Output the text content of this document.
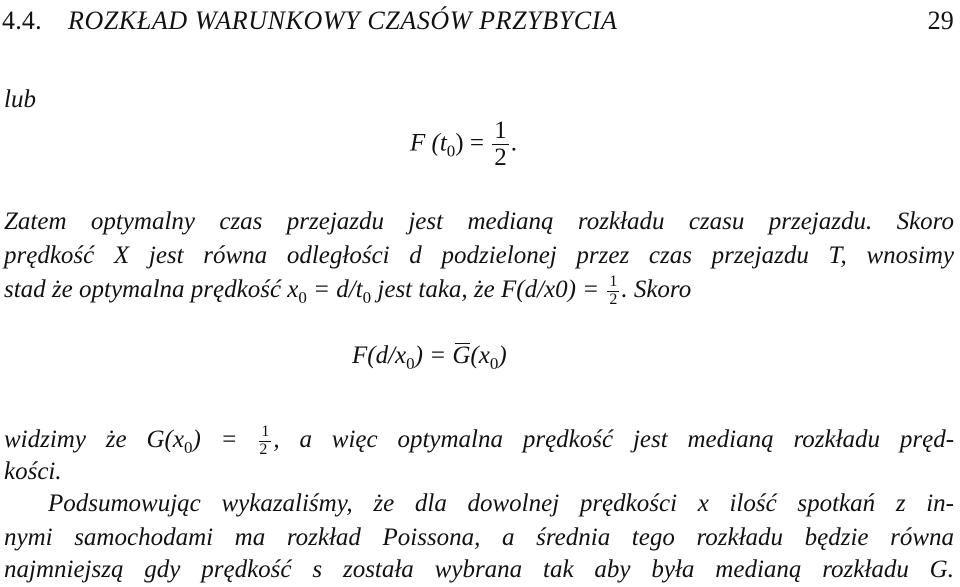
4.4. ROZKŁAD WARUNKOWY CZASÓW PRZYBYCIA	29
lub
F $(t_0) = \frac{1}{2}$ .
Zatem optymalny czas przejazdu jest medianą rozkładu czasu przejazdu. Skoro
prędkość X jest równa odległości d podzielonej przez czas przejazdu T, wnosimy
stad że optymalna prędkość $x_0 = d/t_0$ jest taka, że $F(d/x0) = \frac{1}{2}$ . Skoro
$F(d/x_0) = G(x_0)$
widzimy że $G(x_0) = \frac{1}{2}$ , a więc optymalna prędkość jest medianą rozkładu pręd-
kości.
Podsumowując wykazaliśmy, że dla dowolnej prędkości x ilość spotkań z in-
nymi samochodami ma rozkład Poissona, a średnia tego rozkładu będzie równa
najmniejszą gdy prędkość s została wybrana tak aby była medianą rozkładu G.
